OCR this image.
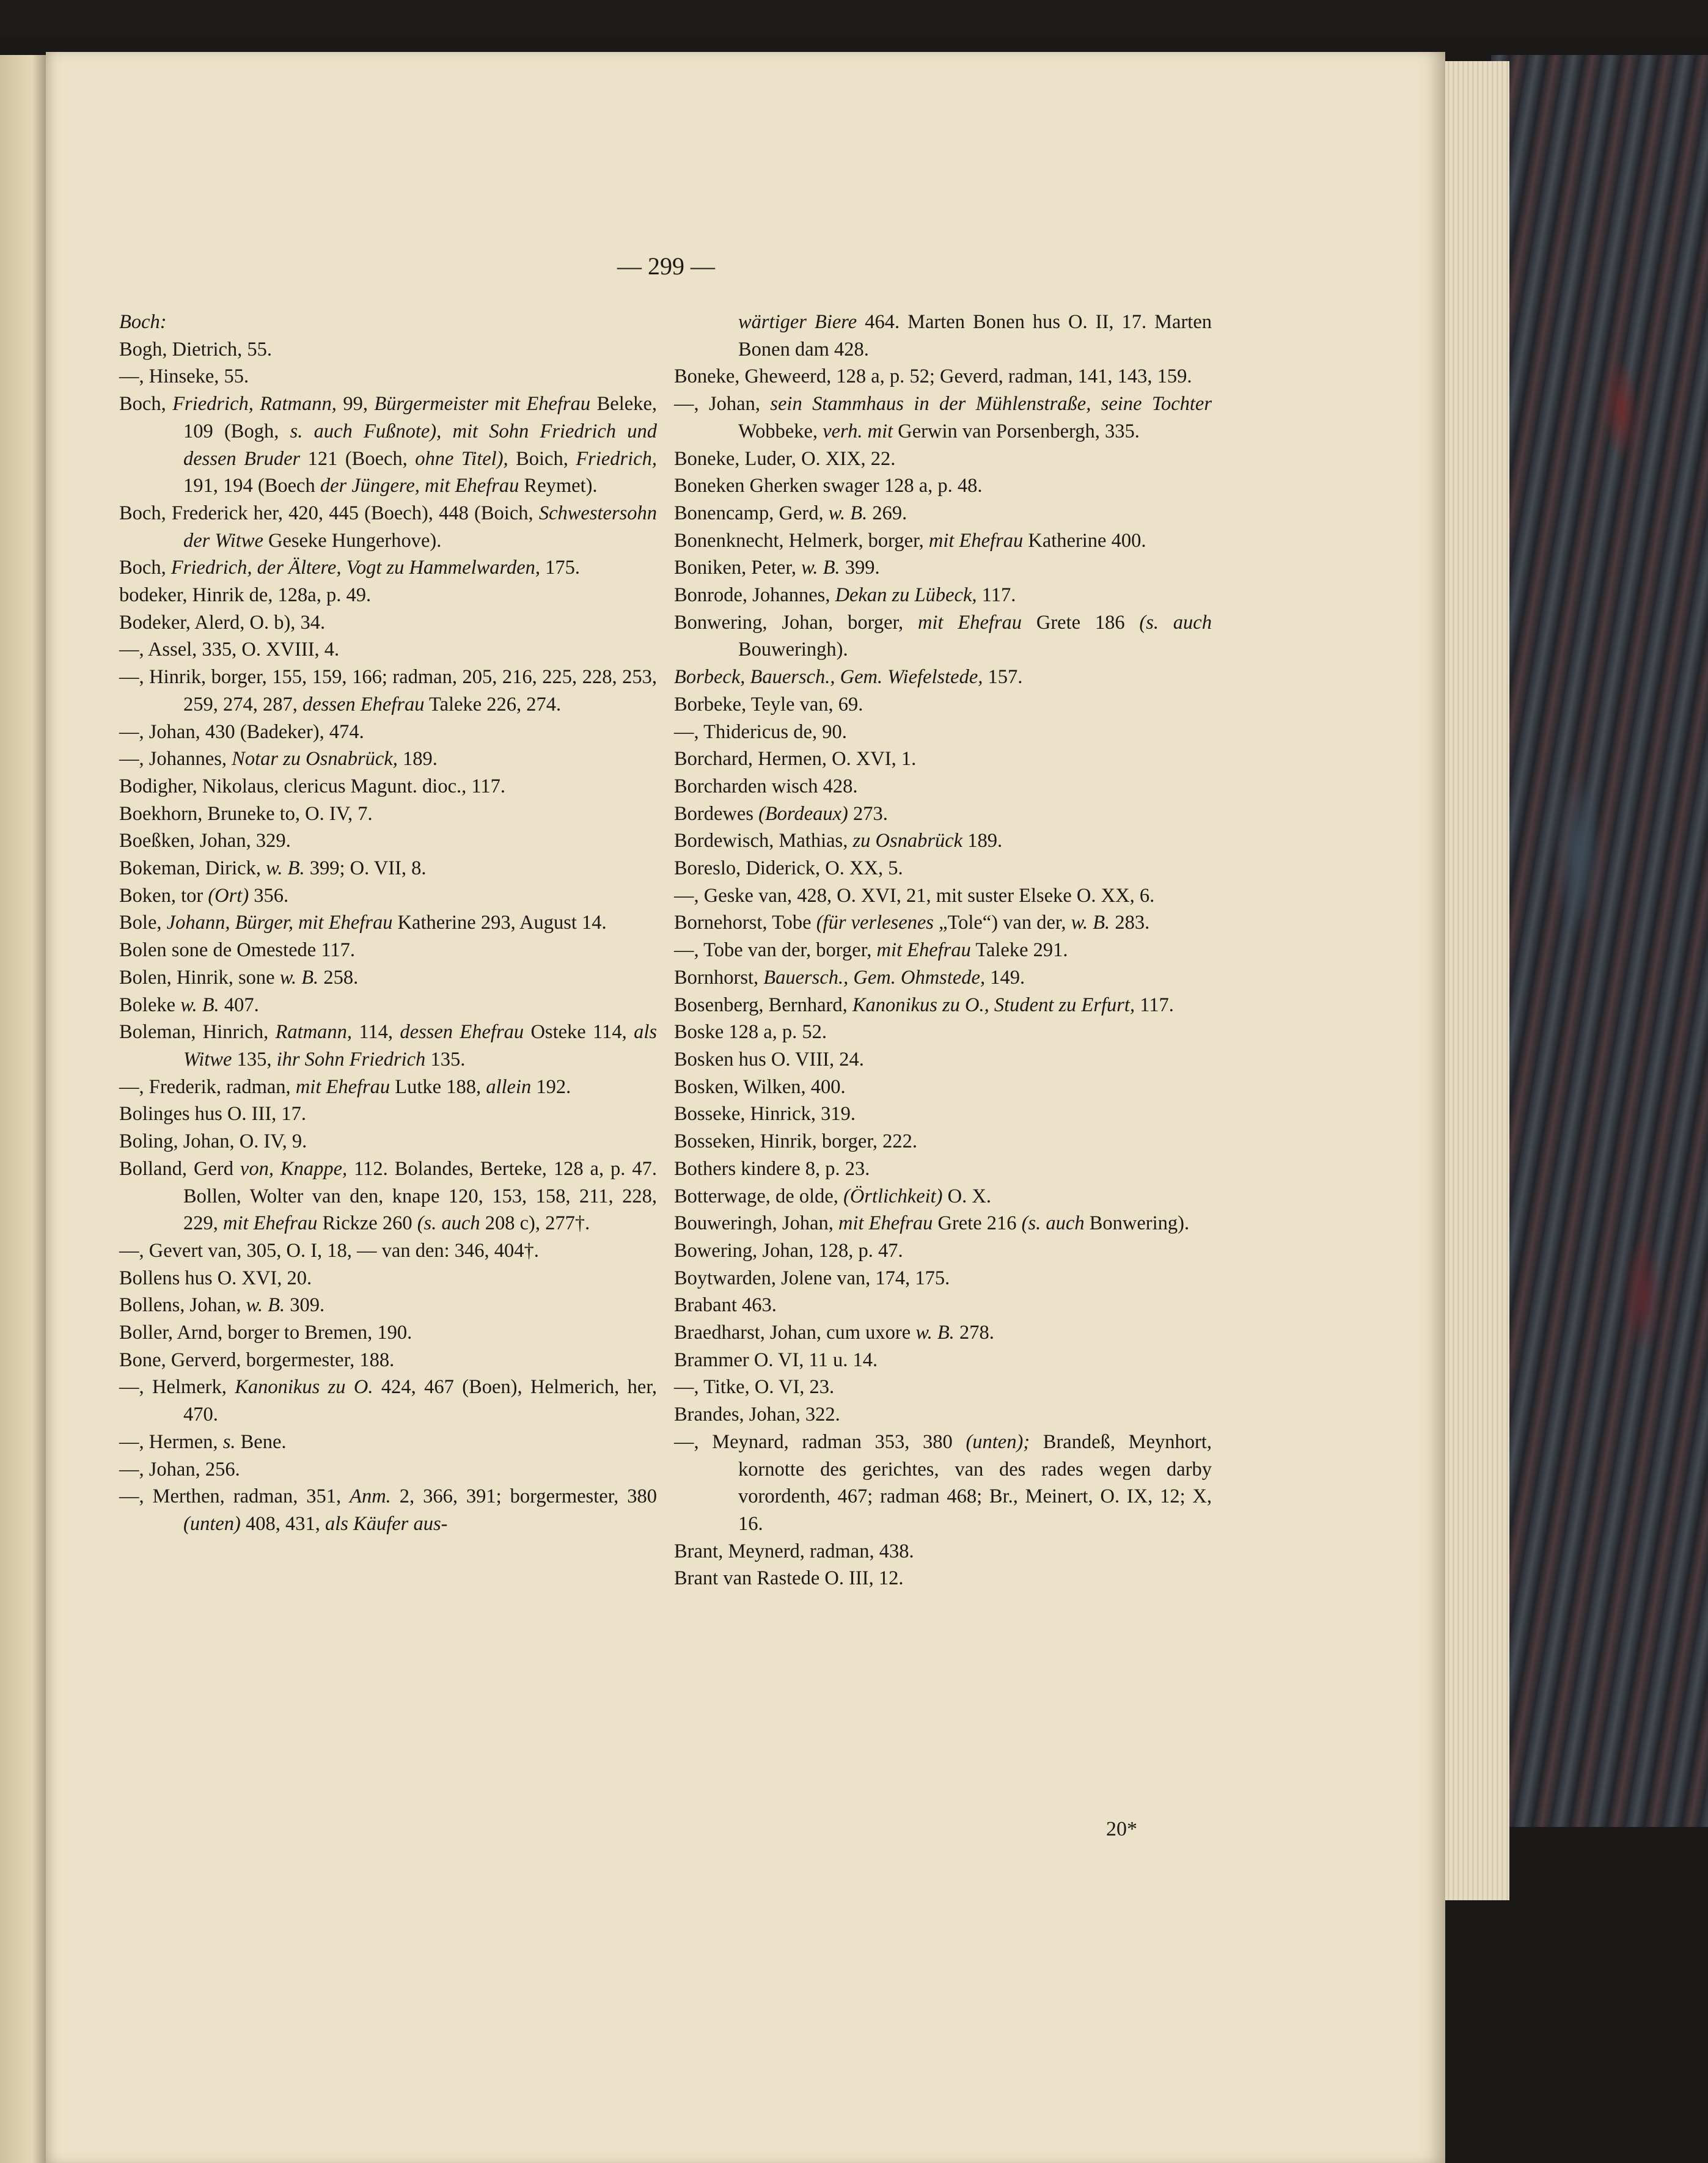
— 299 —

Boch:

Bogh, Dietrich, 55.

—, Hinseke, 55.

Boch, Friedrich, Ratmann, 99, Bürgermeister mit Ehefrau Beleke, 109 (Bogh, s. auch Fußnote), mit Sohn Friedrich und dessen Bruder 121 (Boech, ohne Titel), Boich, Friedrich, 191, 194 (Boech der Jüngere, mit Ehefrau Reymet).

Boch, Frederick her, 420, 445 (Boech), 448 (Boich, Schwestersohn der Witwe Geseke Hungerhove).

Boch, Friedrich, der Ältere, Vogt zu Hammelwarden, 175.

bodeker, Hinrik de, 128a, p. 49.

Bodeker, Alerd, O. b), 34.

—, Assel, 335, O. XVIII, 4.

—, Hinrik, borger, 155, 159, 166; radman, 205, 216, 225, 228, 253, 259, 274, 287, dessen Ehefrau Taleke 226, 274.

—, Johan, 430 (Badeker), 474.

—, Johannes, Notar zu Osnabrück, 189.

Bodigher, Nikolaus, clericus Magunt. dioc., 117.

Boekhorn, Bruneke to, O. IV, 7.

Boeßken, Johan, 329.

Bokeman, Dirick, w. B. 399; O. VII, 8.

Boken, tor (Ort) 356.

Bole, Johann, Bürger, mit Ehefrau Katherine 293, August 14.

Bolen sone de Omestede 117.

Bolen, Hinrik, sone w. B. 258.

Boleke w. B. 407.

Boleman, Hinrich, Ratmann, 114, dessen Ehefrau Osteke 114, als Witwe 135, ihr Sohn Friedrich 135.

—, Frederik, radman, mit Ehefrau Lutke 188, allein 192.

Bolinges hus O. III, 17.

Boling, Johan, O. IV, 9.

Bolland, Gerd von, Knappe, 112. Bolandes, Berteke, 128 a, p. 47. Bollen, Wolter van den, knape 120, 153, 158, 211, 228, 229, mit Ehefrau Rickze 260 (s. auch 208 c), 277†.

—, Gevert van, 305, O. I, 18, — van den: 346, 404†.

Bollens hus O. XVI, 20.

Bollens, Johan, w. B. 309.

Boller, Arnd, borger to Bremen, 190.

Bone, Gerverd, borgermester, 188.

—, Helmerk, Kanonikus zu O. 424, 467 (Boen), Helmerich, her, 470.

—, Hermen, s. Bene.

—, Johan, 256.

—, Merthen, radman, 351, Anm. 2, 366, 391; borgermester, 380 (unten) 408, 431, als Käufer aus-

wärtiger Biere 464. Marten Bonen hus O. II, 17. Marten Bonen dam 428.

Boneke, Gheweerd, 128 a, p. 52; Geverd, radman, 141, 143, 159.

—, Johan, sein Stammhaus in der Mühlenstraße, seine Tochter Wobbeke, verh. mit Gerwin van Porsenbergh, 335.

Boneke, Luder, O. XIX, 22.

Boneken Gherken swager 128 a, p. 48.

Bonencamp, Gerd, w. B. 269.

Bonenknecht, Helmerk, borger, mit Ehefrau Katherine 400.

Boniken, Peter, w. B. 399.

Bonrode, Johannes, Dekan zu Lübeck, 117.

Bonwering, Johan, borger, mit Ehefrau Grete 186 (s. auch Bouweringh).

Borbeck, Bauersch., Gem. Wiefelstede, 157.

Borbeke, Teyle van, 69.

—, Thidericus de, 90.

Borchard, Hermen, O. XVI, 1.

Borcharden wisch 428.

Bordewes (Bordeaux) 273.

Bordewisch, Mathias, zu Osnabrück 189.

Boreslo, Diderick, O. XX, 5.

—, Geske van, 428, O. XVI, 21, mit suster Elseke O. XX, 6.

Bornehorst, Tobe (für verlesenes „Tole“) van der, w. B. 283.

—, Tobe van der, borger, mit Ehefrau Taleke 291.

Bornhorst, Bauersch., Gem. Ohmstede, 149.

Bosenberg, Bernhard, Kanonikus zu O., Student zu Erfurt, 117.

Boske 128 a, p. 52.

Bosken hus O. VIII, 24.

Bosken, Wilken, 400.

Bosseke, Hinrick, 319.

Bosseken, Hinrik, borger, 222.

Bothers kindere 8, p. 23.

Botterwage, de olde, (Örtlichkeit) O. X.

Bouweringh, Johan, mit Ehefrau Grete 216 (s. auch Bonwering).

Bowering, Johan, 128, p. 47.

Boytwarden, Jolene van, 174, 175.

Brabant 463.

Braedharst, Johan, cum uxore w. B. 278.

Brammer O. VI, 11 u. 14.

—, Titke, O. VI, 23.

Brandes, Johan, 322.

—, Meynard, radman 353, 380 (unten); Brandeß, Meynhort, kornotte des gerichtes, van des rades wegen darby vorordenth, 467; radman 468; Br., Meinert, O. IX, 12; X, 16.

Brant, Meynerd, radman, 438.

Brant van Rastede O. III, 12.

20*
